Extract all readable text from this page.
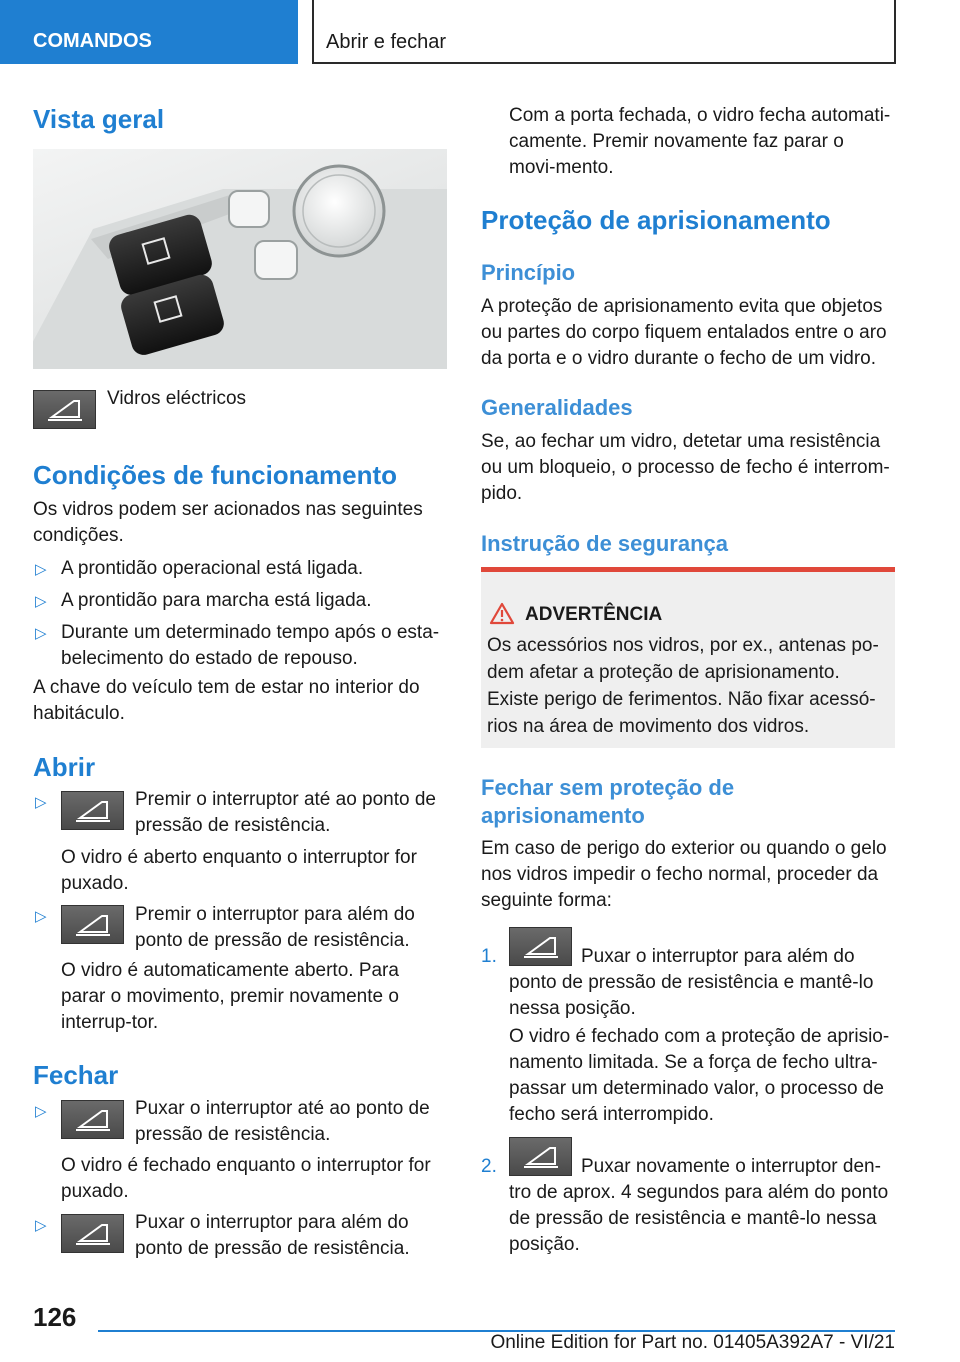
COMANDOS	Abrir e fechar
Vista geral
Vidros eléctricos
Condições de funcionamento
Os vidros podem ser acionados nas seguintes condições.
▷ A prontidão operacional está ligada.
▷ A prontidão para marcha está ligada.
▷ Durante um determinado tempo após o esta-belecimento do estado de repouso.
A chave do veículo tem de estar no interior do habitáculo.
Abrir
▷	Premir o interruptor até ao ponto de pressão de resistência.
O vidro é aberto enquanto o interruptor for puxado.
▷	Premir o interruptor para além do ponto de pressão de resistência.
O vidro é automaticamente aberto. Para parar o movimento, premir novamente o interrup-tor.
Fechar
▷	Puxar o interruptor até ao ponto de pressão de resistência.
O vidro é fechado enquanto o interruptor for puxado.
▷	Puxar o interruptor para além do ponto de pressão de resistência.
Com a porta fechada, o vidro fecha automati-camente. Premir novamente faz parar o movi-mento.
Proteção de aprisionamento
Princípio
A proteção de aprisionamento evita que objetos ou partes do corpo fiquem entalados entre o aro da porta e o vidro durante o fecho de um vidro.
Generalidades
Se, ao fechar um vidro, detetar uma resistência ou um bloqueio, o processo de fecho é interrom-pido.
Instrução de segurança
ADVERTÊNCIA
Os acessórios nos vidros, por ex., antenas po-dem afetar a proteção de aprisionamento. Existe perigo de ferimentos. Não fixar acessó-rios na área de movimento dos vidros.
Fechar sem proteção de aprisionamento
Em caso de perigo do exterior ou quando o gelo nos vidros impedir o fecho normal, proceder da seguinte forma:
1.	Puxar o interruptor para além do ponto de pressão de resistência e mantê-lo nessa posição.
O vidro é fechado com a proteção de aprisio-namento limitada. Se a força de fecho ultra-passar um determinado valor, o processo de fecho será interrompido.
2.	Puxar novamente o interruptor den-tro de aprox. 4 segundos para além do ponto de pressão de resistência e mantê-lo nessa posição.
126
Online Edition for Part no. 01405A392A7 - VI/21
